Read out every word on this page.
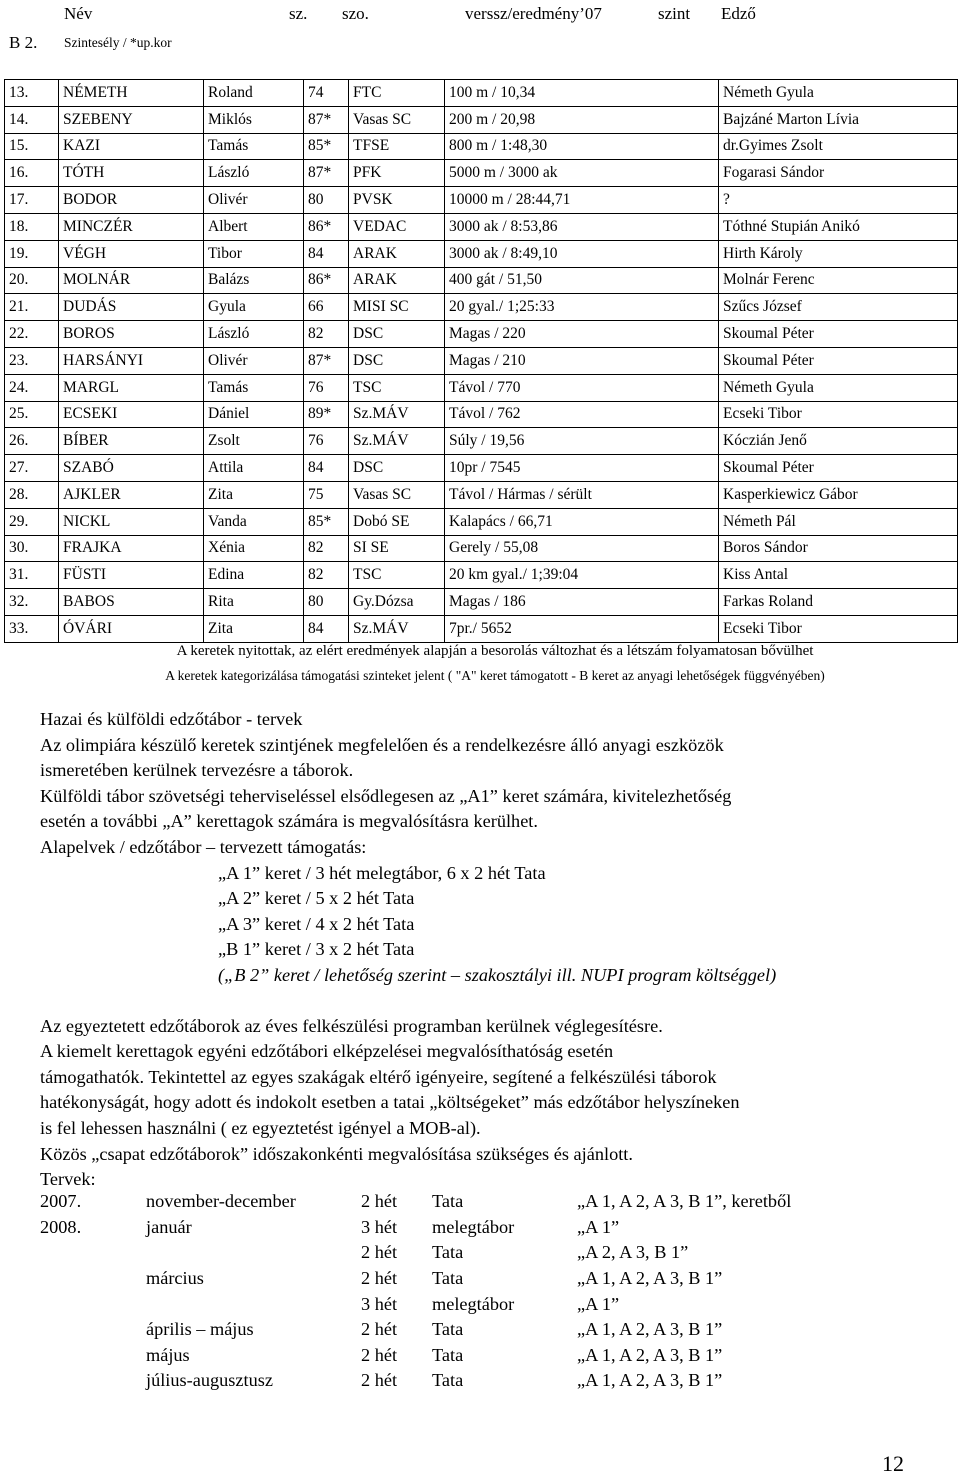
Név	sz. szo.	verssz/eredmény’07	szint Edző
B 2. Szintesély / *up.kor
13.	NÉMETH	Roland	74	FTC	100 m / 10,34	Németh Gyula
14.	SZEBENY	Miklós	87*	Vasas SC	200 m / 20,98	Bajzáné Marton Lívia
15.	KAZI	Tamás	85*	TFSE	800 m / 1:48,30	dr.Gyimes Zsolt
16.	TÓTH	László	87*	PFK	5000 m / 3000 ak	Fogarasi Sándor
17.	BODOR	Olivér	80	PVSK	10000 m / 28:44,71	?
18.	MINCZÉR	Albert	86*	VEDAC	3000 ak / 8:53,86	Tóthné Stupián Anikó
19.	VÉGH	Tibor	84	ARAK	3000 ak / 8:49,10	Hirth Károly
20.	MOLNÁR	Balázs	86*	ARAK	400 gát / 51,50	Molnár Ferenc
21.	DUDÁS	Gyula	66	MISI SC	20 gyal./ 1;25:33	Szűcs József
22.	BOROS	László	82	DSC	Magas / 220	Skoumal Péter
23.	HARSÁNYI	Olivér	87*	DSC	Magas / 210	Skoumal Péter
24.	MARGL	Tamás	76	TSC	Távol / 770	Németh Gyula
25.	ECSEKI	Dániel	89*	Sz.MÁV	Távol / 762	Ecseki Tibor
26.	BÍBER	Zsolt	76	Sz.MÁV	Súly / 19,56	Kóczián Jenő
27.	SZABÓ	Attila	84	DSC	10pr / 7545	Skoumal Péter
28.	AJKLER	Zita	75	Vasas SC	Távol / Hármas / sérült	Kasperkiewicz Gábor
29.	NICKL	Vanda	85*	Dobó SE	Kalapács / 66,71	Németh Pál
30.	FRAJKA	Xénia	82	SI SE	Gerely / 55,08	Boros Sándor
31.	FÜSTI	Edina	82	TSC	20 km gyal./ 1;39:04	Kiss Antal
32.	BABOS	Rita	80	Gy.Dózsa	Magas / 186	Farkas Roland
33.	ÓVÁRI	Zita	84	Sz.MÁV	7pr./ 5652	Ecseki Tibor
A keretek nyitottak, az elért eredmények alapján a besorolás változhat és a létszám folyamatosan bővülhet
A keretek kategorizálása támogatási szinteket jelent ( "A" keret támogatott - B keret az anyagi lehetőségek függvényében)

Hazai és külföldi edzőtábor - tervek

Az olimpiára készülő keretek szintjének megfelelően és a rendelkezésre álló anyagi eszközök

ismeretében kerülnek tervezésre a táborok.

Külföldi tábor szövetségi teherviseléssel elsődlegesen az „A1” keret számára, kivitelezhetőség

esetén a további „A” kerettagok számára is megvalósításra kerülhet.

Alapelvek / edzőtábor – tervezett támogatás:

„A 1” keret / 3 hét melegtábor, 6 x 2 hét Tata

„A 2” keret / 5 x 2 hét Tata

„A 3” keret / 4 x 2 hét Tata

„B 1” keret / 3 x 2 hét Tata

(„B 2” keret / lehetőség szerint – szakosztályi ill. NUPI program költséggel)

Az egyeztetett edzőtáborok az éves felkészülési programban kerülnek véglegesítésre.

A kiemelt kerettagok egyéni edzőtábori elképzelései megvalósíthatóság esetén

támogathatók. Tekintettel az egyes szakágak eltérő igényeire, segítené a felkészülési táborok

hatékonyságát, hogy adott és indokolt esetben a tatai „költségeket” más edzőtábor helyszíneken

is fel lehessen használni ( ez egyeztetést igényel a MOB-al).

Közös „csapat edzőtáborok” időszakonkénti megvalósítása szükséges és ajánlott.

Tervek:

2007.	november-december	2 hét	Tata	„A 1, A 2, A 3, B 1”, keretből
2008.	január	3 hét	melegtábor	„A 1”
		2 hét	Tata	„A 2, A 3, B 1”
	március	2 hét	Tata	„A 1, A 2, A 3, B 1”
		3 hét	melegtábor	„A 1”
	április – május	2 hét	Tata	„A 1, A 2, A 3, B 1”
	május	2 hét	Tata	„A 1, A 2, A 3, B 1”
	július-augusztusz	2 hét	Tata	„A 1, A 2, A 3, B 1”
12
